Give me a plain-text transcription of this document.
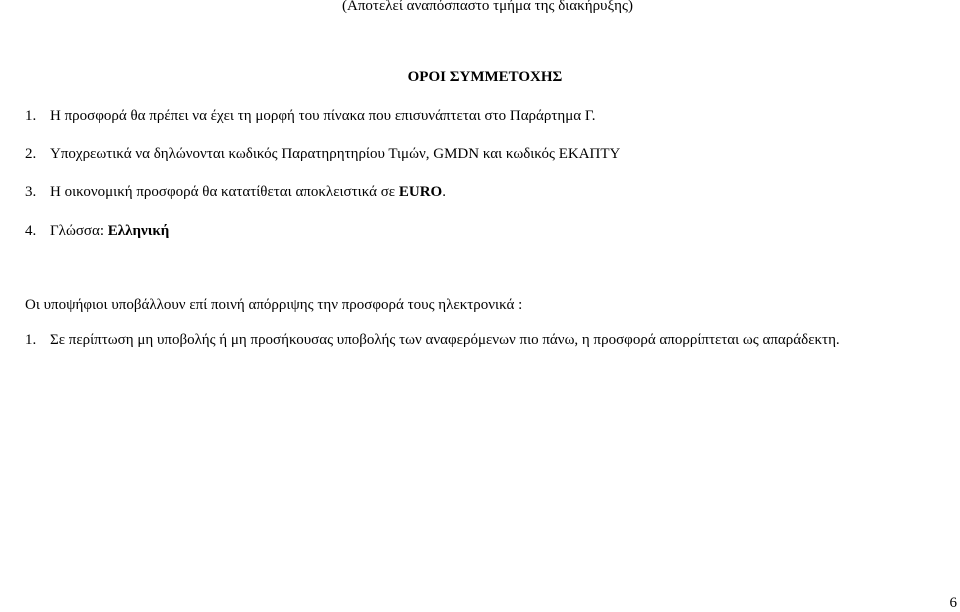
(Αποτελεί αναπόσπαστο τμήμα της διακήρυξης)
ΟΡΟΙ ΣΥΜΜΕΤΟΧΗΣ
1. Η προσφορά θα πρέπει να έχει τη μορφή του πίνακα που επισυνάπτεται στο Παράρτημα Γ.
2. Υποχρεωτικά να δηλώνονται κωδικός Παρατηρητηρίου Τιμών, GMDN και κωδικός ΕΚΑΠΤΥ
3. Η οικονομική προσφορά θα κατατίθεται αποκλειστικά σε EURO.
4. Γλώσσα: Ελληνική
Οι υποψήφιοι υποβάλλουν επί ποινή απόρριψης την προσφορά τους ηλεκτρονικά :
1. Σε περίπτωση μη υποβολής ή μη προσήκουσας υποβολής των αναφερόμενων πιο πάνω, η προσφορά απορρίπτεται ως απαράδεκτη.
6
